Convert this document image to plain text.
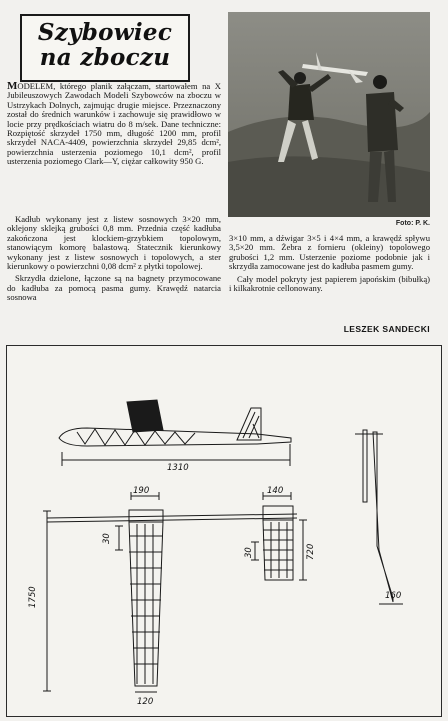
Szybowiec
na zboczu
Foto: P. K.

MODELEM, którego planik załączam, startowałem na X Jubileuszowych Zawodach Modeli Szybowców na zboczu w Ustrzykach Dolnych, zajmując drugie miejsce. Przeznaczony został do średnich warunków i zachowuje się prawidłowo w locie przy prędkościach wiatru do 8 m/sek. Dane techniczne: Rozpiętość skrzydeł 1750 mm, długość 1200 mm, profil skrzydeł NACA-4409, powierzchnia skrzydeł 29,85 dcm², powierzchnia usterzenia poziomego 10,1 dcm², profil usterzenia poziomego Clark—Y, ciężar całkowity 950 G.

Kadłub wykonany jest z listew sosnowych 3×20 mm, oklejony sklejką grubości 0,8 mm. Przednia część kadłuba zakończona jest klockiem-grzybkiem topolowym, stanowiącym komorę balastową. Statecznik kierunkowy wykonany jest z listew sosnowych i topolowych, a ster kierunkowy o powierzchni 0,08 dcm² z płytki topolowej.

Skrzydła dzielone, łączone są na bagnety przymocowane do kadłuba za pomocą pasma gumy. Krawędź natarcia sosnowa

3×10 mm, a dźwigar 3×5 i 4×4 mm, a krawędź spływu 3,5×20 mm. Żebra z fornieru (okleiny) topolowego grubości 1,2 mm. Usterzenie poziome podobnie jak i skrzydła zamocowane jest do kadłuba pasmem gumy.

Cały model pokryty jest papierem japońskim (bibułką) i kilkakrotnie cellonowany.

LESZEK SANDECKI
1310
190	140
1750
30
720
30
120
160
